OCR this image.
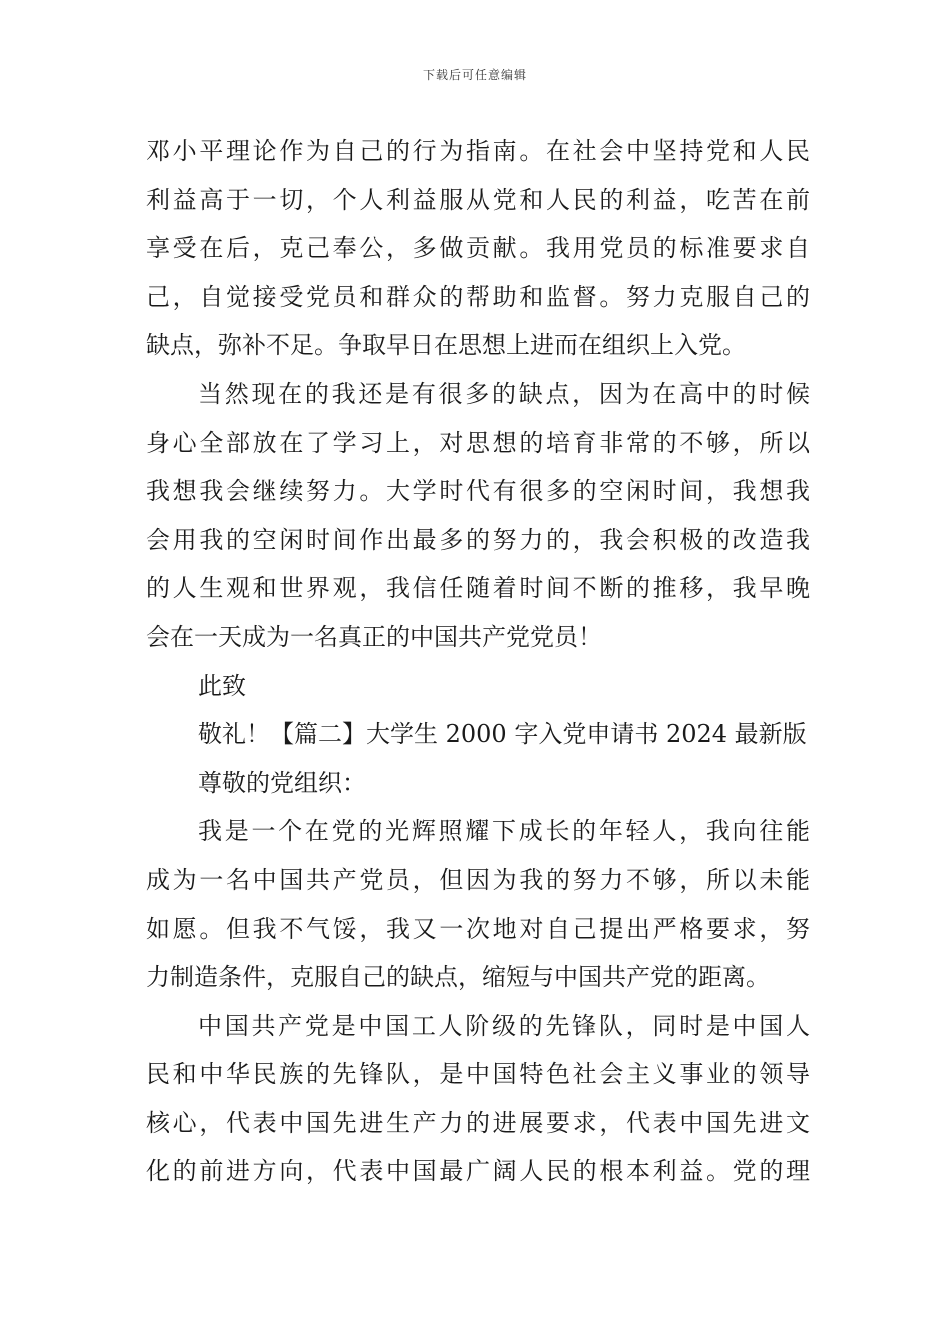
下载后可任意编辑
邓小平理论作为自己的行为指南。在社会中坚持党和人民
利益高于一切，个人利益服从党和人民的利益，吃苦在前
享受在后，克己奉公，多做贡献。我用党员的标准要求自
己，自觉接受党员和群众的帮助和监督。努力克服自己的
缺点，弥补不足。争取早日在思想上进而在组织上入党。
当然现在的我还是有很多的缺点，因为在高中的时候
身心全部放在了学习上，对思想的培育非常的不够，所以
我想我会继续努力。大学时代有很多的空闲时间，我想我
会用我的空闲时间作出最多的努力的，我会积极的改造我
的人生观和世界观，我信任随着时间不断的推移，我早晚
会在一天成为一名真正的中国共产党党员！
此致
敬礼！【篇二】大学生 2000 字入党申请书 2024 最新版
尊敬的党组织：
我是一个在党的光辉照耀下成长的年轻人，我向往能
成为一名中国共产党员，但因为我的努力不够，所以未能
如愿。但我不气馁，我又一次地对自己提出严格要求，努
力制造条件，克服自己的缺点，缩短与中国共产党的距离。
中国共产党是中国工人阶级的先锋队，同时是中国人
民和中华民族的先锋队，是中国特色社会主义事业的领导
核心，代表中国先进生产力的进展要求，代表中国先进文
化的前进方向，代表中国最广阔人民的根本利益。党的理
